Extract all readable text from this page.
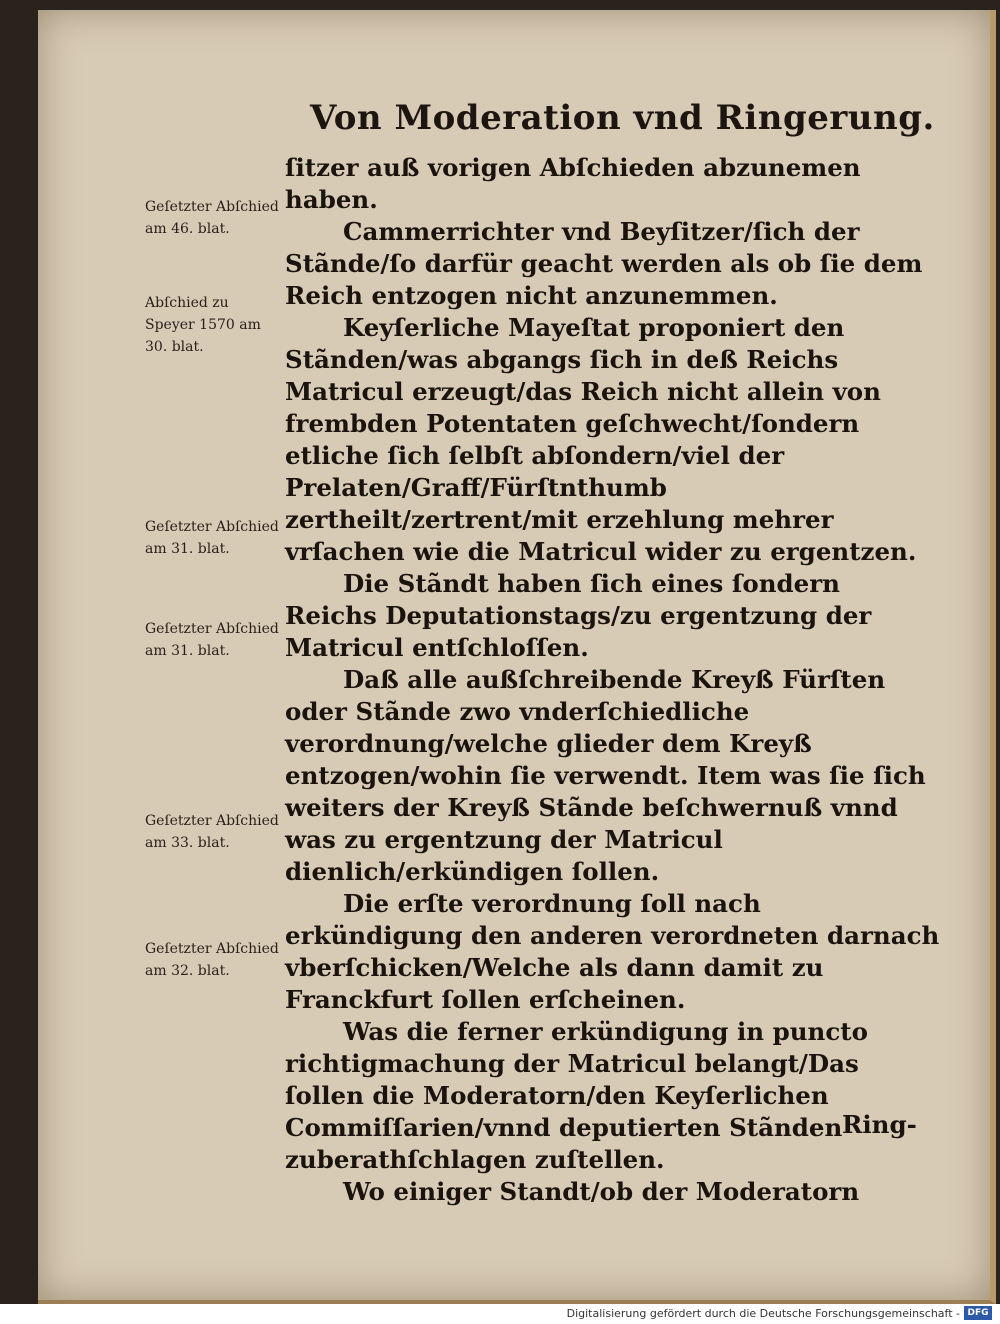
Von Moderation vnd Ringerung.

ſitzer auß vorigen Abſchieden abzunemen haben.

Cammerrichter vnd Beyſitzer/ſich der Stãnde/ſo darfür geacht werden als ob ſie dem Reich entzogen nicht anzunemmen.

Keyſerliche Mayeſtat proponiert den Stãnden/was abgangs ſich in deß Reichs Matricul erzeugt/das Reich nicht allein von frembden Potentaten geſchwecht/ſondern etliche ſich ſelbſt abſondern/viel der Prelaten/Graff/Fürſtnthumb zertheilt/zertrent/mit erzehlung mehrer vrſachen wie die Matricul wider zu ergentzen.

Die Stãndt haben ſich eines ſondern Reichs Deputationstags/zu ergentzung der Matricul entſchloſſen.

Daß alle außſchreibende Kreyß Fürſten oder Stãnde zwo vnderſchiedliche verordnung/welche glieder dem Kreyß entzogen/wohin ſie verwendt. Item was ſie ſich weiters der Kreyß Stãnde beſchwernuß vnnd was zu ergentzung der Matricul dienlich/erkündigen ſollen.

Die erſte verordnung ſoll nach erkündigung den anderen verordneten darnach vberſchicken/Welche als dann damit zu Franckfurt ſollen erſcheinen.

Was die ferner erkündigung in puncto richtigmachung der Matricul belangt/Das ſollen die Moderatorn/den Keyſerlichen Commiſſarien/vnnd deputierten Stãnden zuberathſchlagen zuſtellen.

Wo einiger Standt/ob der Moderatorn

Ring-
Geſetzter Abſchied am 46. blat.
Abſchied zu Speyer 1570 am 30. blat.
Geſetzter Abſchied am 31. blat.
Geſetzter Abſchied am 31. blat.
Geſetzter Abſchied am 33. blat.
Geſetzter Abſchied am 32. blat.
Digitalisierung gefördert durch die Deutsche Forschungsgemeinschaft - DFG
